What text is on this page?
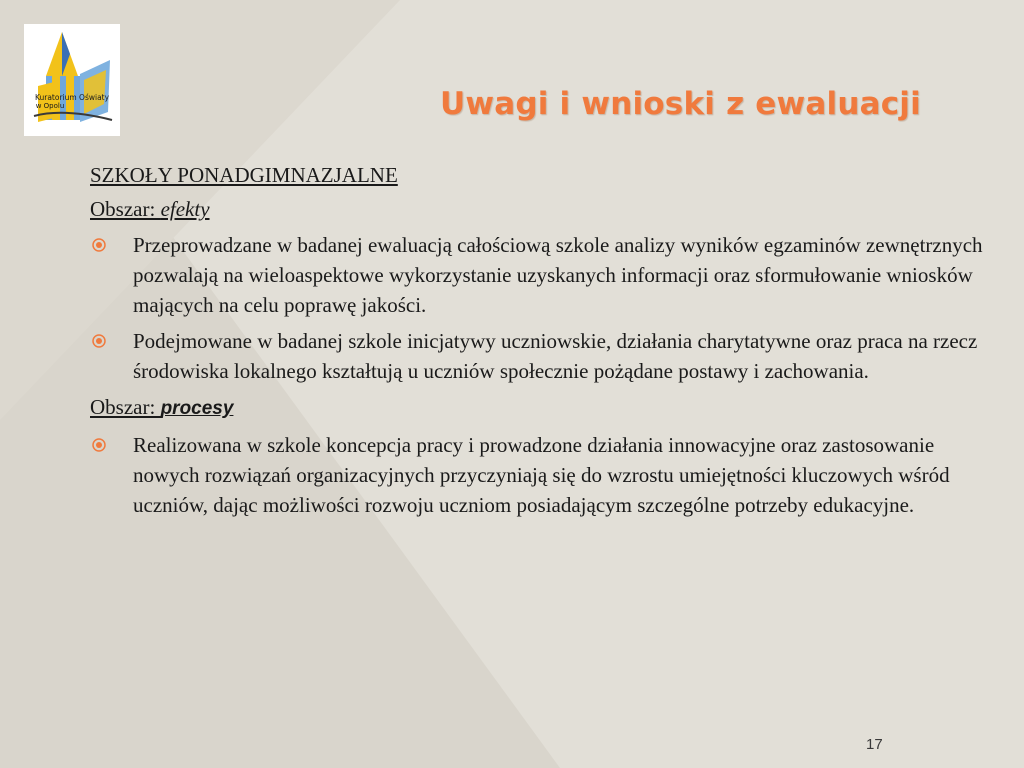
Kuratorium Oświaty
w Opolu	Uwagi i wnioski z ewaluacji
SZKOŁY PONADGIMNAZJALNE
Obszar: efekty
Przeprowadzane w badanej ewaluacją całościową szkole analizy wyników egzaminów zewnętrznych pozwalają na wieloaspektowe wykorzystanie uzyskanych informacji oraz sformułowanie wniosków mających na celu poprawę jakości.
Podejmowane w badanej szkole inicjatywy uczniowskie, działania charytatywne oraz praca na rzecz środowiska lokalnego kształtują u uczniów społecznie pożądane postawy i zachowania.
Obszar: procesy
Realizowana w szkole koncepcja pracy i prowadzone działania innowacyjne oraz zastosowanie nowych rozwiązań organizacyjnych przyczyniają się do wzrostu umiejętności kluczowych wśród uczniów, dając możliwości rozwoju uczniom posiadającym szczególne potrzeby edukacyjne.
17
